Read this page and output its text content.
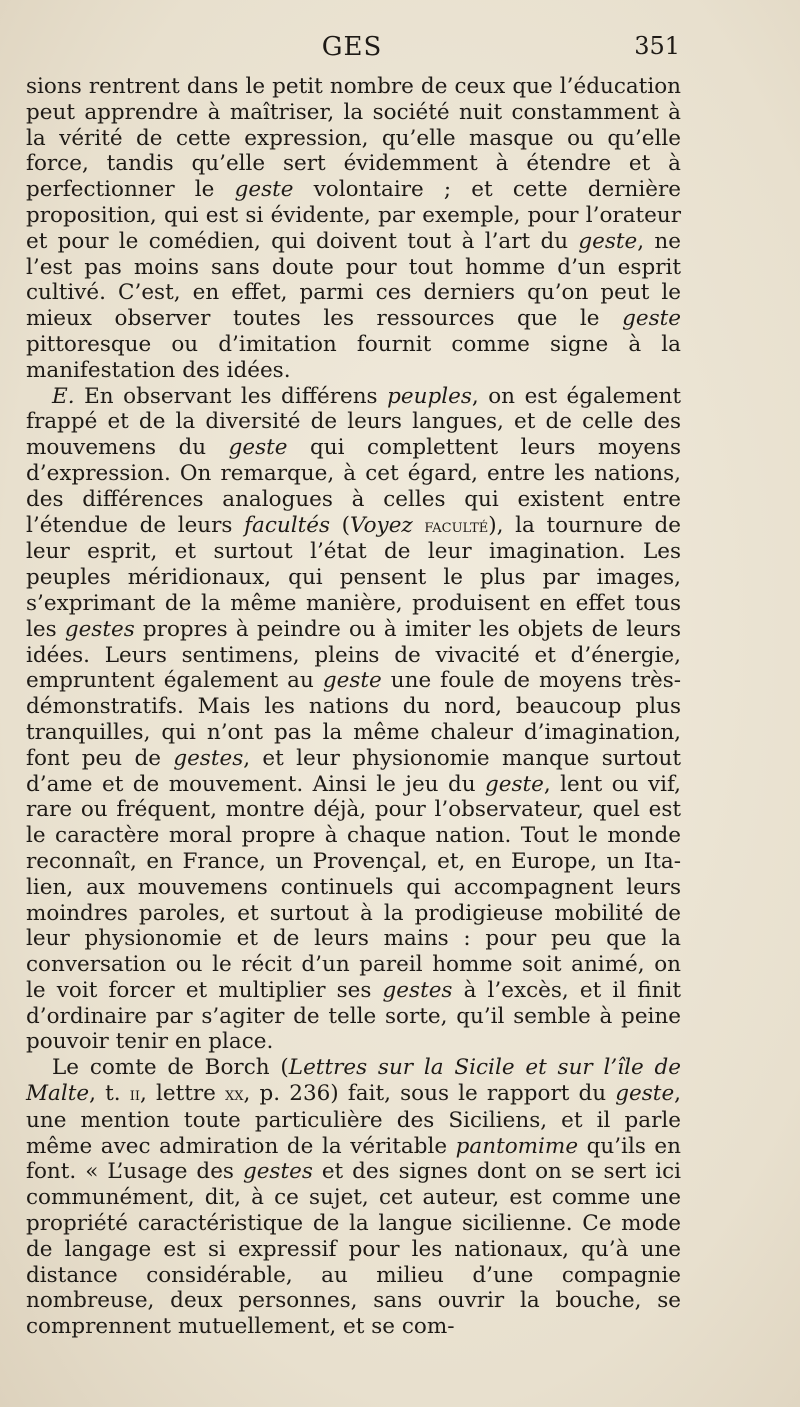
GES	351

sions rentrent dans le petit nombre de ceux que l’éducation peut apprendre à maîtriser, la société nuit constamment à la vérité de cette expression, qu’elle masque ou qu’elle force, tandis qu’elle sert évidemment à étendre et à perfectionner le geste volontaire ; et cette dernière proposition, qui est si évidente, par exemple, pour l’orateur et pour le comédien, qui doivent tout à l’art du geste, ne l’est pas moins sans doute pour tout homme d’un esprit cultivé. C’est, en effet, parmi ces derniers qu’on peut le mieux observer toutes les ressources que le geste pittoresque ou d’imitation fournit comme signe à la manifestation des idées.

E. En observant les différens peuples, on est également frappé et de la diversité de leurs langues, et de celle des mouvemens du geste qui complettent leurs moyens d’expression. On remarque, à cet égard, entre les nations, des différences analogues à celles qui existent entre l’étendue de leurs facultés (Voyez faculté), la tournure de leur esprit, et surtout l’état de leur imagination. Les peuples méridionaux, qui pensent le plus par images, s’exprimant de la même manière, produisent en effet tous les gestes propres à peindre ou à imiter les objets de leurs idées. Leurs sentimens, pleins de vivacité et d’énergie, empruntent également au geste une foule de moyens très-démonstratifs. Mais les nations du nord, beaucoup plus tranquilles, qui n’ont pas la même chaleur d’imagination, font peu de gestes, et leur physionomie manque surtout d’ame et de mouvement. Ainsi le jeu du geste, lent ou vif, rare ou fréquent, montre déjà, pour l’observateur, quel est le caractère moral propre à chaque nation. Tout le monde reconnaît, en France, un Provençal, et, en Europe, un Italien, aux mouvemens continuels qui accompagnent leurs moindres paroles, et surtout à la prodigieuse mobilité de leur physionomie et de leurs mains : pour peu que la conversation ou le récit d’un pareil homme soit animé, on le voit forcer et multiplier ses gestes à l’excès, et il finit d’ordinaire par s’agiter de telle sorte, qu’il semble à peine pouvoir tenir en place.

Le comte de Borch (Lettres sur la Sicile et sur l’île de Malte, t. ii, lettre xx, p. 236) fait, sous le rapport du geste, une mention toute particulière des Siciliens, et il parle même avec admiration de la véritable pantomime qu’ils en font. « L’usage des gestes et des signes dont on se sert ici communément, dit, à ce sujet, cet auteur, est comme une propriété caractéristique de la langue sicilienne. Ce mode de langage est si expressif pour les nationaux, qu’à une distance considérable, au milieu d’une compagnie nombreuse, deux personnes, sans ouvrir la bouche, se comprennent mutuellement, et se com-
